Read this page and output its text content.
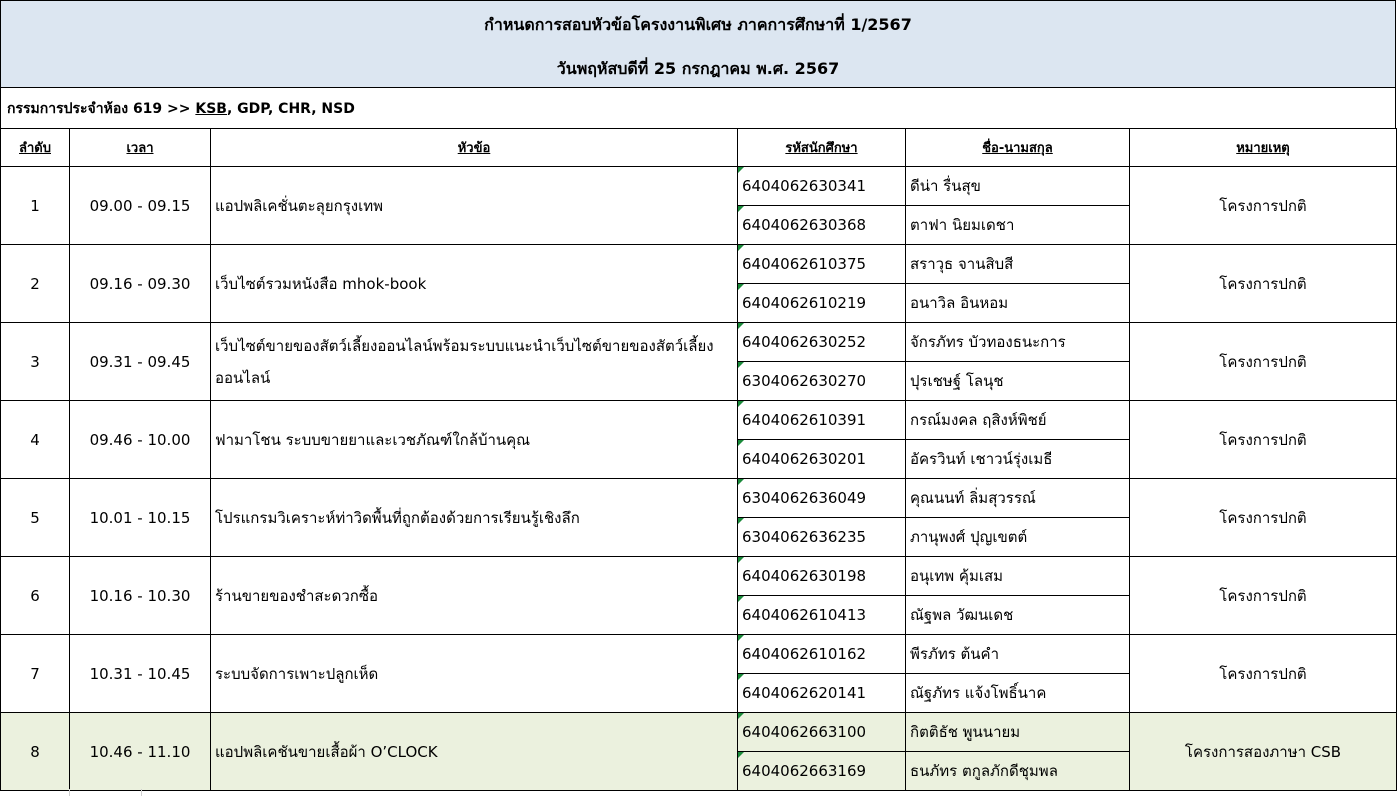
กำหนดการสอบหัวข้อโครงงานพิเศษ ภาคการศึกษาที่ 1/2567
วันพฤหัสบดีที่ 25 กรกฎาคม พ.ศ. 2567
กรรมการประจำห้อง 619 >> KSB, GDP, CHR, NSD
ลำดับ	เวลา	หัวข้อ	รหัสนักศึกษา	ชื่อ-นามสกุล	หมายเหตุ
1	09.00 - 09.15	แอปพลิเคชั่นตะลุยกรุงเทพ	6404062630341	ดีน่า รื่นสุข	โครงการปกติ
			6404062630368	ตาฟา นิยมเดชา	
2	09.16 - 09.30	เว็บไซต์รวมหนังสือ mhok-book	6404062610375	สราวุธ จานสิบสี	โครงการปกติ
			6404062610219	อนาวิล อินหอม	
3	09.31 - 09.45	เว็บไซต์ขายของสัตว์เลี้ยงออนไลน์พร้อมระบบแนะนำเว็บไซต์ขายของสัตว์เลี้ยงออนไลน์	6404062630252	จักรภัทร บัวทองธนะการ	โครงการปกติ
			6304062630270	ปุรเชษฐ์ โลนุช	
4	09.46 - 10.00	ฟามาโชน ระบบขายยาและเวชภัณฑ์ใกล้บ้านคุณ	6404062610391	กรณ์มงคล ฤสิงห์พิชย์	โครงการปกติ
			6404062630201	อัครวินท์ เชาวน์รุ่งเมธี	
5	10.01 - 10.15	โปรแกรมวิเคราะห์ท่าวิดพื้นที่ถูกต้องด้วยการเรียนรู้เชิงลึก	6304062636049	คุณนนท์ ลิ่มสุวรรณ์	โครงการปกติ
			6304062636235	ภานุพงศ์ ปุญเขตต์	
6	10.16 - 10.30	ร้านขายของชำสะดวกซื้อ	6404062630198	อนุเทพ คุ้มเสม	โครงการปกติ
			6404062610413	ณัฐพล วัฒนเดช	
7	10.31 - 10.45	ระบบจัดการเพาะปลูกเห็ด	6404062610162	พีรภัทร ต้นคำ	โครงการปกติ
			6404062620141	ณัฐภัทร แจ้งโพธิ์นาค	
8	10.46 - 11.10	แอปพลิเคชันขายเสื้อผ้า O’CLOCK	6404062663100	กิตติธัช พูนนายม	โครงการสองภาษา CSB
			6404062663169	ธนภัทร ตกูลภักดีชุมพล	
